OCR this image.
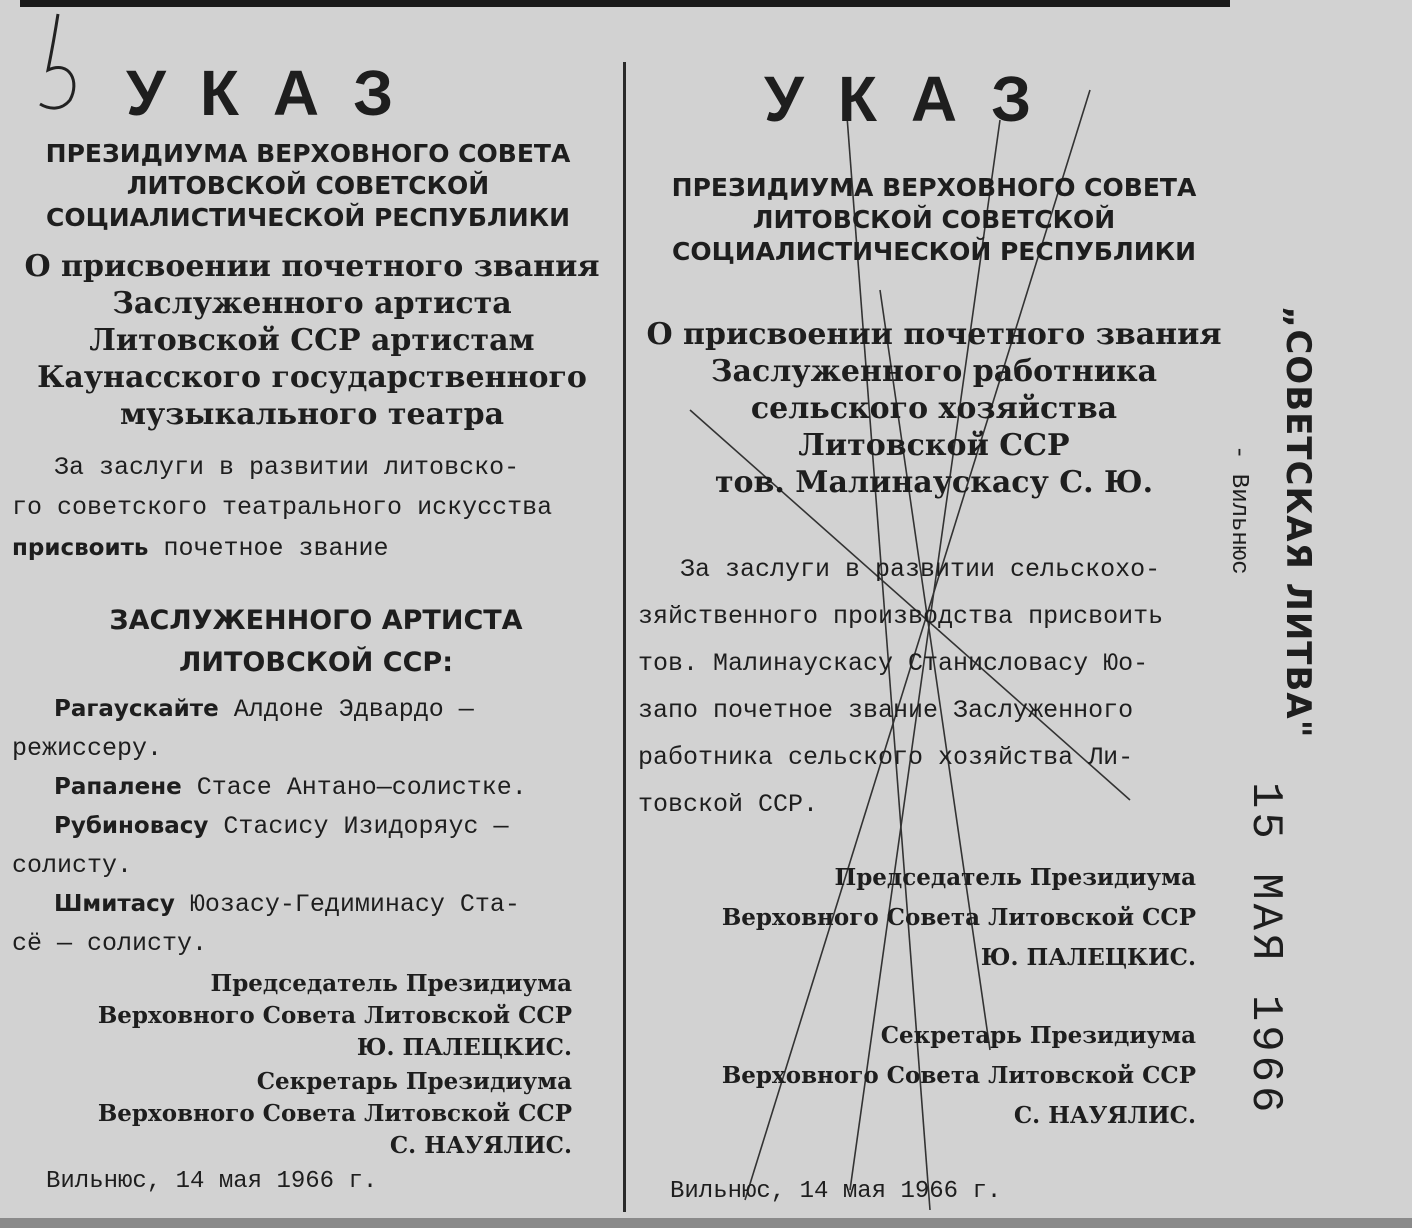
УКАЗ
ПРЕЗИДИУМА ВЕРХОВНОГО СОВЕТА
ЛИТОВСКОЙ СОВЕТСКОЙ
СОЦИАЛИСТИЧЕСКОЙ РЕСПУБЛИКИ
О присвоении почетного звания
Заслуженного артиста
Литовской ССР артистам
Каунасского государственного
музыкального театра
За заслуги в развитии литовско-
го советского театрального искусства
присвоить почетное звание
ЗАСЛУЖЕННОГО АРТИСТА
ЛИТОВСКОЙ ССР:
Рагаускайте Алдоне Эдвардо —
режиссеру.
Рапалене Стасе Антано—солистке.
Рубиновасу Стасису Изидоряус —
солисту.
Шмитасу Юозасу-Гедиминасу Ста-
сё — солисту.
Председатель Президиума
Верховного Совета Литовской ССР
Ю. ПАЛЕЦКИС.
Секретарь Президиума
Верховного Совета Литовской ССР
С. НАУЯЛИС.
Вильнюс, 14 мая 1966 г.
УКАЗ
ПРЕЗИДИУМА ВЕРХОВНОГО СОВЕТА
ЛИТОВСКОЙ СОВЕТСКОЙ
СОЦИАЛИСТИЧЕСКОЙ РЕСПУБЛИКИ
О присвоении почетного звания
Заслуженного работника
сельского хозяйства
Литовской ССР
тов. Малинаускасу С. Ю.
За заслуги в развитии сельскохо-
зяйственного производства присвоить
тов. Малинаускасу Станисловасу Юо-
запо почетное звание Заслуженного
работника сельского хозяйства Ли-
товской ССР.
Председатель Президиума
Верховного Совета Литовской ССР
Ю. ПАЛЕЦКИС.
Секретарь Президиума
Верховного Совета Литовской ССР
С. НАУЯЛИС.
Вильнюс, 14 мая 1966 г.
„СОВЕТСКАЯ ЛИТВА"
- Вильнюс
15 МАЯ 1966
